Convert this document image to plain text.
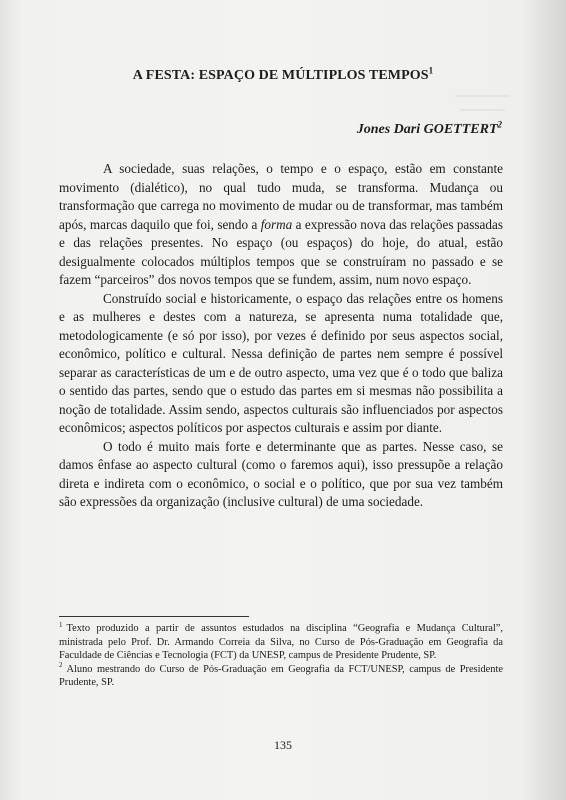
A FESTA: ESPAÇO DE MÚLTIPLOS TEMPOS$^1$
Jones Dari GOETTERT$^2$

A sociedade, suas relações, o tempo e o espaço, estão em constante movimento (dialético), no qual tudo muda, se transforma. Mudança ou transformação que carrega no movimento de mudar ou de transformar, mas também após, marcas daquilo que foi, sendo a forma a expressão nova das relações passadas e das relações presentes. No espaço (ou espaços) do hoje, do atual, estão desigualmente colocados múltiplos tempos que se construíram no passado e se fazem “parceiros” dos novos tempos que se fundem, assim, num novo espaço.

Construído social e historicamente, o espaço das relações entre os homens e as mulheres e destes com a natureza, se apresenta numa totalidade que, metodologicamente (e só por isso), por vezes é definido por seus aspectos social, econômico, político e cultural. Nessa definição de partes nem sempre é possível separar as características de um e de outro aspecto, uma vez que é o todo que baliza o sentido das partes, sendo que o estudo das partes em si mesmas não possibilita a noção de totalidade. Assim sendo, aspectos culturais são influenciados por aspectos econômicos; aspectos políticos por aspectos culturais e assim por diante.

O todo é muito mais forte e determinante que as partes. Nesse caso, se damos ênfase ao aspecto cultural (como o faremos aqui), isso pressupõe a relação direta e indireta com o econômico, o social e o político, que por sua vez também são expressões da organização (inclusive cultural) de uma sociedade.

$^1$ Texto produzido a partir de assuntos estudados na disciplina “Geografia e Mudança Cultural”, ministrada pelo Prof. Dr. Armando Correia da Silva, no Curso de Pós-Graduação em Geografia da Faculdade de Ciências e Tecnologia (FCT) da UNESP, campus de Presidente Prudente, SP.

$^2$ Aluno mestrando do Curso de Pós-Graduação em Geografia da FCT/UNESP, campus de Presidente Prudente, SP.

135
